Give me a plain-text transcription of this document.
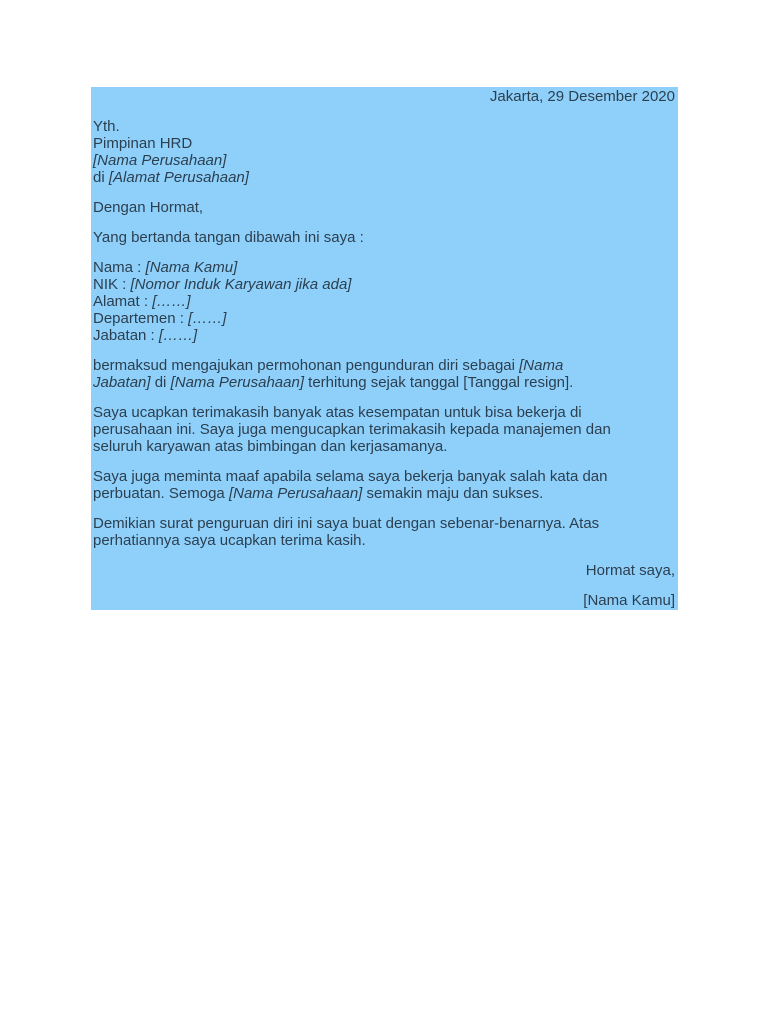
Jakarta, 29 Desember 2020
Yth.
Pimpinan HRD
[Nama Perusahaan]
di [Alamat Perusahaan]
Dengan Hormat,
Yang bertanda tangan dibawah ini saya :
Nama : [Nama Kamu]
NIK : [Nomor Induk Karyawan jika ada]
Alamat : [……]
Departemen : [……]
Jabatan : [……]
bermaksud mengajukan permohonan pengunduran diri sebagai [Nama
Jabatan] di [Nama Perusahaan] terhitung sejak tanggal [Tanggal resign].
Saya ucapkan terimakasih banyak atas kesempatan untuk bisa bekerja di
perusahaan ini. Saya juga mengucapkan terimakasih kepada manajemen dan
seluruh karyawan atas bimbingan dan kerjasamanya.
Saya juga meminta maaf apabila selama saya bekerja banyak salah kata dan
perbuatan. Semoga [Nama Perusahaan] semakin maju dan sukses.
Demikian surat penguruan diri ini saya buat dengan sebenar-benarnya. Atas
perhatiannya saya ucapkan terima kasih.
Hormat saya,
[Nama Kamu]
